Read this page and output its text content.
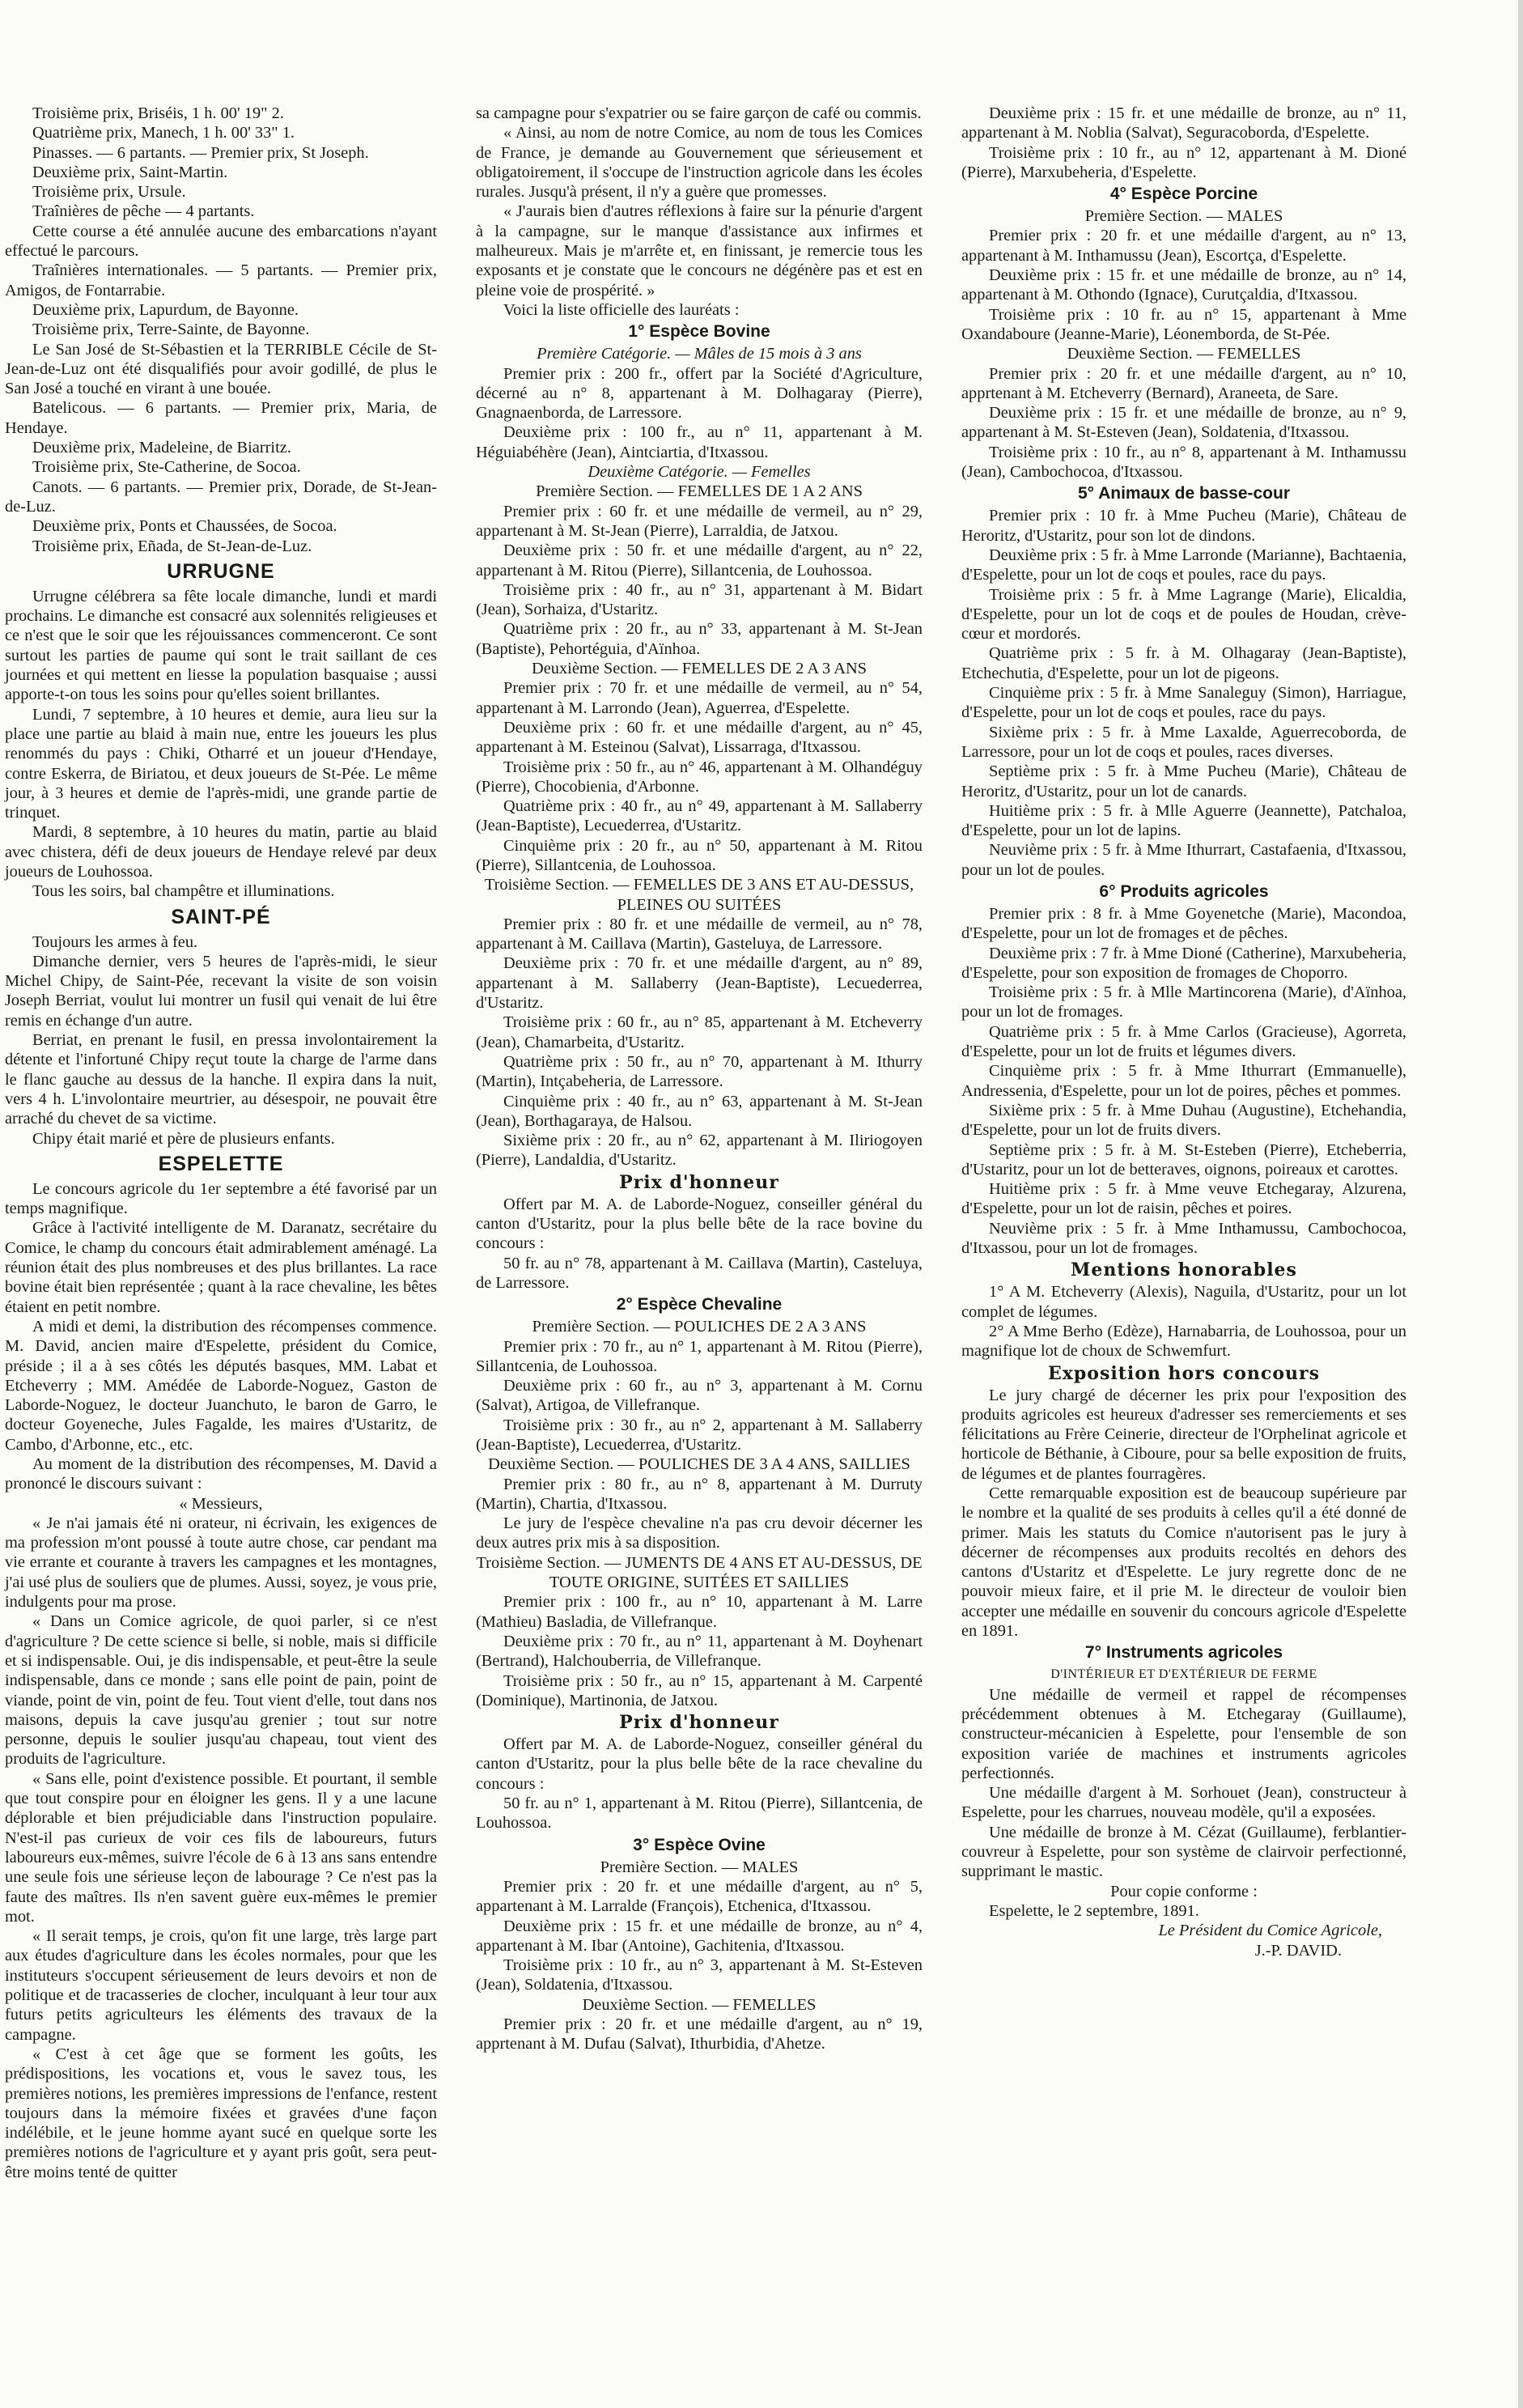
Troisième prix, Briséis, 1 h. 00' 19" 2.

Quatrième prix, Manech, 1 h. 00' 33" 1.

Pinasses. — 6 partants. — Premier prix, St Joseph.

Deuxième prix, Saint-Martin.

Troisième prix, Ursule.

Traînières de pêche — 4 partants.

Cette course a été annulée aucune des embarcations n'ayant effectué le parcours.

Traînières internationales. — 5 partants. — Premier prix, Amigos, de Fontarrabie.

Deuxième prix, Lapurdum, de Bayonne.

Troisième prix, Terre-Sainte, de Bayonne.

Le San José de St-Sébastien et la TERRIBLE Cécile de St-Jean-de-Luz ont été disqualifiés pour avoir godillé, de plus le San José a touché en virant à une bouée.

Batelicous. — 6 partants. — Premier prix, Maria, de Hendaye.

Deuxième prix, Madeleine, de Biarritz.

Troisième prix, Ste-Catherine, de Socoa.

Canots. — 6 partants. — Premier prix, Dorade, de St-Jean-de-Luz.

Deuxième prix, Ponts et Chaussées, de Socoa.

Troisième prix, Eñada, de St-Jean-de-Luz.

URRUGNE

Urrugne célébrera sa fête locale dimanche, lundi et mardi prochains. Le dimanche est consacré aux solennités religieuses et ce n'est que le soir que les réjouissances commenceront. Ce sont surtout les parties de paume qui sont le trait saillant de ces journées et qui mettent en liesse la population basquaise ; aussi apporte-t-on tous les soins pour qu'elles soient brillantes.

Lundi, 7 septembre, à 10 heures et demie, aura lieu sur la place une partie au blaid à main nue, entre les joueurs les plus renommés du pays : Chiki, Otharré et un joueur d'Hendaye, contre Eskerra, de Biriatou, et deux joueurs de St-Pée. Le même jour, à 3 heures et demie de l'après-midi, une grande partie de trinquet.

Mardi, 8 septembre, à 10 heures du matin, partie au blaid avec chistera, défi de deux joueurs de Hendaye relevé par deux joueurs de Louhossoa.

Tous les soirs, bal champêtre et illuminations.

SAINT-PÉ

Toujours les armes à feu.

Dimanche dernier, vers 5 heures de l'après-midi, le sieur Michel Chipy, de Saint-Pée, recevant la visite de son voisin Joseph Berriat, voulut lui montrer un fusil qui venait de lui être remis en échange d'un autre.

Berriat, en prenant le fusil, en pressa involontairement la détente et l'infortuné Chipy reçut toute la charge de l'arme dans le flanc gauche au dessus de la hanche. Il expira dans la nuit, vers 4 h. L'involontaire meurtrier, au désespoir, ne pouvait être arraché du chevet de sa victime.

Chipy était marié et père de plusieurs enfants.

ESPELETTE

Le concours agricole du 1er septembre a été favorisé par un temps magnifique.

Grâce à l'activité intelligente de M. Daranatz, secrétaire du Comice, le champ du concours était admirablement aménagé. La réunion était des plus nombreuses et des plus brillantes. La race bovine était bien représentée ; quant à la race chevaline, les bêtes étaient en petit nombre.

A midi et demi, la distribution des récompenses commence. M. David, ancien maire d'Espelette, président du Comice, préside ; il a à ses côtés les députés basques, MM. Labat et Etcheverry ; MM. Amédée de Laborde-Noguez, Gaston de Laborde-Noguez, le docteur Juanchuto, le baron de Garro, le docteur Goyeneche, Jules Fagalde, les maires d'Ustaritz, de Cambo, d'Arbonne, etc., etc.

Au moment de la distribution des récompenses, M. David a prononcé le discours suivant :

« Messieurs,

« Je n'ai jamais été ni orateur, ni écrivain, les exigences de ma profession m'ont poussé à toute autre chose, car pendant ma vie errante et courante à travers les campagnes et les montagnes, j'ai usé plus de souliers que de plumes. Aussi, soyez, je vous prie, indulgents pour ma prose.

« Dans un Comice agricole, de quoi parler, si ce n'est d'agriculture ? De cette science si belle, si noble, mais si difficile et si indispensable. Oui, je dis indispensable, et peut-être la seule indispensable, dans ce monde ; sans elle point de pain, point de viande, point de vin, point de feu. Tout vient d'elle, tout dans nos maisons, depuis la cave jusqu'au grenier ; tout sur notre personne, depuis le soulier jusqu'au chapeau, tout vient des produits de l'agriculture.

« Sans elle, point d'existence possible. Et pourtant, il semble que tout conspire pour en éloigner les gens. Il y a une lacune déplorable et bien préjudiciable dans l'instruction populaire. N'est-il pas curieux de voir ces fils de laboureurs, futurs laboureurs eux-mêmes, suivre l'école de 6 à 13 ans sans entendre une seule fois une sérieuse leçon de labourage ? Ce n'est pas la faute des maîtres. Ils n'en savent guère eux-mêmes le premier mot.

« Il serait temps, je crois, qu'on fit une large, très large part aux études d'agriculture dans les écoles normales, pour que les instituteurs s'occupent sérieusement de leurs devoirs et non de politique et de tracasseries de clocher, inculquant à leur tour aux futurs petits agriculteurs les éléments des travaux de la campagne.

« C'est à cet âge que se forment les goûts, les prédispositions, les vocations et, vous le savez tous, les premières notions, les premières impressions de l'enfance, restent toujours dans la mémoire fixées et gravées d'une façon indélébile, et le jeune homme ayant sucé en quelque sorte les premières notions de l'agriculture et y ayant pris goût, sera peut-être moins tenté de quitter

sa campagne pour s'expatrier ou se faire garçon de café ou commis.

« Ainsi, au nom de notre Comice, au nom de tous les Comices de France, je demande au Gouvernement que sérieusement et obligatoirement, il s'occupe de l'instruction agricole dans les écoles rurales. Jusqu'à présent, il n'y a guère que promesses.

« J'aurais bien d'autres réflexions à faire sur la pénurie d'argent à la campagne, sur le manque d'assistance aux infirmes et malheureux. Mais je m'arrête et, en finissant, je remercie tous les exposants et je constate que le concours ne dégénère pas et est en pleine voie de prospérité. »

Voici la liste officielle des lauréats :

1° Espèce Bovine

Première Catégorie. — Mâles de 15 mois à 3 ans

Premier prix : 200 fr., offert par la Société d'Agriculture, décerné au n° 8, appartenant à M. Dolhagaray (Pierre), Gnagnaenborda, de Larressore.

Deuxième prix : 100 fr., au n° 11, appartenant à M. Héguiabéhère (Jean), Aintciartia, d'Itxassou.

Deuxième Catégorie. — Femelles

Première Section. — FEMELLES DE 1 A 2 ANS

Premier prix : 60 fr. et une médaille de vermeil, au n° 29, appartenant à M. St-Jean (Pierre), Larraldia, de Jatxou.

Deuxième prix : 50 fr. et une médaille d'argent, au n° 22, appartenant à M. Ritou (Pierre), Sillantcenia, de Louhossoa.

Troisième prix : 40 fr., au n° 31, appartenant à M. Bidart (Jean), Sorhaiza, d'Ustaritz.

Quatrième prix : 20 fr., au n° 33, appartenant à M. St-Jean (Baptiste), Pehortéguia, d'Aïnhoa.

Deuxième Section. — FEMELLES DE 2 A 3 ANS

Premier prix : 70 fr. et une médaille de vermeil, au n° 54, appartenant à M. Larrondo (Jean), Aguerrea, d'Espelette.

Deuxième prix : 60 fr. et une médaille d'argent, au n° 45, appartenant à M. Esteinou (Salvat), Lissarraga, d'Itxassou.

Troisième prix : 50 fr., au n° 46, appartenant à M. Olhandéguy (Pierre), Chocobienia, d'Arbonne.

Quatrième prix : 40 fr., au n° 49, appartenant à M. Sallaberry (Jean-Baptiste), Lecuederrea, d'Ustaritz.

Cinquième prix : 20 fr., au n° 50, appartenant à M. Ritou (Pierre), Sillantcenia, de Louhossoa.

Troisième Section. — FEMELLES DE 3 ANS ET AU-DESSUS, PLEINES OU SUITÉES

Premier prix : 80 fr. et une médaille de vermeil, au n° 78, appartenant à M. Caillava (Martin), Gasteluya, de Larressore.

Deuxième prix : 70 fr. et une médaille d'argent, au n° 89, appartenant à M. Sallaberry (Jean-Baptiste), Lecuederrea, d'Ustaritz.

Troisième prix : 60 fr., au n° 85, appartenant à M. Etcheverry (Jean), Chamarbeita, d'Ustaritz.

Quatrième prix : 50 fr., au n° 70, appartenant à M. Ithurry (Martin), Intçabeheria, de Larressore.

Cinquième prix : 40 fr., au n° 63, appartenant à M. St-Jean (Jean), Borthagaraya, de Halsou.

Sixième prix : 20 fr., au n° 62, appartenant à M. Iliriogoyen (Pierre), Landaldia, d'Ustaritz.

Prix d'honneur

Offert par M. A. de Laborde-Noguez, conseiller général du canton d'Ustaritz, pour la plus belle bête de la race bovine du concours :

50 fr. au n° 78, appartenant à M. Caillava (Martin), Casteluya, de Larressore.

2° Espèce Chevaline

Première Section. — POULICHES DE 2 A 3 ANS

Premier prix : 70 fr., au n° 1, appartenant à M. Ritou (Pierre), Sillantcenia, de Louhossoa.

Deuxième prix : 60 fr., au n° 3, appartenant à M. Cornu (Salvat), Artigoa, de Villefranque.

Troisième prix : 30 fr., au n° 2, appartenant à M. Sallaberry (Jean-Baptiste), Lecuederrea, d'Ustaritz.

Deuxième Section. — POULICHES DE 3 A 4 ANS, SAILLIES

Premier prix : 80 fr., au n° 8, appartenant à M. Durruty (Martin), Chartia, d'Itxassou.

Le jury de l'espèce chevaline n'a pas cru devoir décerner les deux autres prix mis à sa disposition.

Troisième Section. — JUMENTS DE 4 ANS ET AU-DESSUS, DE TOUTE ORIGINE, SUITÉES ET SAILLIES

Premier prix : 100 fr., au n° 10, appartenant à M. Larre (Mathieu) Basladia, de Villefranque.

Deuxième prix : 70 fr., au n° 11, appartenant à M. Doyhenart (Bertrand), Halchouberria, de Villefranque.

Troisième prix : 50 fr., au n° 15, appartenant à M. Carpenté (Dominique), Martinonia, de Jatxou.

Prix d'honneur

Offert par M. A. de Laborde-Noguez, conseiller général du canton d'Ustaritz, pour la plus belle bête de la race chevaline du concours :

50 fr. au n° 1, appartenant à M. Ritou (Pierre), Sillantcenia, de Louhossoa.

3° Espèce Ovine

Première Section. — MALES

Premier prix : 20 fr. et une médaille d'argent, au n° 5, appartenant à M. Larralde (François), Etchenica, d'Itxassou.

Deuxième prix : 15 fr. et une médaille de bronze, au n° 4, appartenant à M. Ibar (Antoine), Gachitenia, d'Itxassou.

Troisième prix : 10 fr., au n° 3, appartenant à M. St-Esteven (Jean), Soldatenia, d'Itxassou.

Deuxième Section. — FEMELLES

Premier prix : 20 fr. et une médaille d'argent, au n° 19, apprtenant à M. Dufau (Salvat), Ithurbidia, d'Ahetze.

Deuxième prix : 15 fr. et une médaille de bronze, au n° 11, appartenant à M. Noblia (Salvat), Seguracoborda, d'Espelette.

Troisième prix : 10 fr., au n° 12, appartenant à M. Dioné (Pierre), Marxubeheria, d'Espelette.

4° Espèce Porcine

Première Section. — MALES

Premier prix : 20 fr. et une médaille d'argent, au n° 13, appartenant à M. Inthamussu (Jean), Escortça, d'Espelette.

Deuxième prix : 15 fr. et une médaille de bronze, au n° 14, appartenant à M. Othondo (Ignace), Curutçaldia, d'Itxassou.

Troisième prix : 10 fr. au n° 15, appartenant à Mme Oxandaboure (Jeanne-Marie), Léonemborda, de St-Pée.

Deuxième Section. — FEMELLES

Premier prix : 20 fr. et une médaille d'argent, au n° 10, apprtenant à M. Etcheverry (Bernard), Araneeta, de Sare.

Deuxième prix : 15 fr. et une médaille de bronze, au n° 9, appartenant à M. St-Esteven (Jean), Soldatenia, d'Itxassou.

Troisième prix : 10 fr., au n° 8, appartenant à M. Inthamussu (Jean), Cambochocoa, d'Itxassou.

5° Animaux de basse-cour

Premier prix : 10 fr. à Mme Pucheu (Marie), Château de Heroritz, d'Ustaritz, pour son lot de dindons.

Deuxième prix : 5 fr. à Mme Larronde (Marianne), Bachtaenia, d'Espelette, pour un lot de coqs et poules, race du pays.

Troisième prix : 5 fr. à Mme Lagrange (Marie), Elicaldia, d'Espelette, pour un lot de coqs et de poules de Houdan, crève-cœur et mordorés.

Quatrième prix : 5 fr. à M. Olhagaray (Jean-Baptiste), Etchechutia, d'Espelette, pour un lot de pigeons.

Cinquième prix : 5 fr. à Mme Sanaleguy (Simon), Harriague, d'Espelette, pour un lot de coqs et poules, race du pays.

Sixième prix : 5 fr. à Mme Laxalde, Aguerrecoborda, de Larressore, pour un lot de coqs et poules, races diverses.

Septième prix : 5 fr. à Mme Pucheu (Marie), Château de Heroritz, d'Ustaritz, pour un lot de canards.

Huitième prix : 5 fr. à Mlle Aguerre (Jeannette), Patchaloa, d'Espelette, pour un lot de lapins.

Neuvième prix : 5 fr. à Mme Ithurrart, Castafaenia, d'Itxassou, pour un lot de poules.

6° Produits agricoles

Premier prix : 8 fr. à Mme Goyenetche (Marie), Macondoa, d'Espelette, pour un lot de fromages et de pêches.

Deuxième prix : 7 fr. à Mme Dioné (Catherine), Marxubeheria, d'Espelette, pour son exposition de fromages de Choporro.

Troisième prix : 5 fr. à Mlle Martincorena (Marie), d'Aïnhoa, pour un lot de fromages.

Quatrième prix : 5 fr. à Mme Carlos (Gracieuse), Agorreta, d'Espelette, pour un lot de fruits et légumes divers.

Cinquième prix : 5 fr. à Mme Ithurrart (Emmanuelle), Andressenia, d'Espelette, pour un lot de poires, pêches et pommes.

Sixième prix : 5 fr. à Mme Duhau (Augustine), Etchehandia, d'Espelette, pour un lot de fruits divers.

Septième prix : 5 fr. à M. St-Esteben (Pierre), Etcheberria, d'Ustaritz, pour un lot de betteraves, oignons, poireaux et carottes.

Huitième prix : 5 fr. à Mme veuve Etchegaray, Alzurena, d'Espelette, pour un lot de raisin, pêches et poires.

Neuvième prix : 5 fr. à Mme Inthamussu, Cambochocoa, d'Itxassou, pour un lot de fromages.

Mentions honorables

1° A M. Etcheverry (Alexis), Naguila, d'Ustaritz, pour un lot complet de légumes.

2° A Mme Berho (Edèze), Harnabarria, de Louhossoa, pour un magnifique lot de choux de Schwemfurt.

Exposition hors concours

Le jury chargé de décerner les prix pour l'exposition des produits agricoles est heureux d'adresser ses remerciements et ses félicitations au Frère Ceinerie, directeur de l'Orphelinat agricole et horticole de Béthanie, à Ciboure, pour sa belle exposition de fruits, de légumes et de plantes fourragères.

Cette remarquable exposition est de beaucoup supérieure par le nombre et la qualité de ses produits à celles qu'il a été donné de primer. Mais les statuts du Comice n'autorisent pas le jury à décerner de récompenses aux produits recoltés en dehors des cantons d'Ustaritz et d'Espelette. Le jury regrette donc de ne pouvoir mieux faire, et il prie M. le directeur de vouloir bien accepter une médaille en souvenir du concours agricole d'Espelette en 1891.

7° Instruments agricoles

D'INTÉRIEUR ET D'EXTÉRIEUR DE FERME

Une médaille de vermeil et rappel de récompenses précédemment obtenues à M. Etchegaray (Guillaume), constructeur-mécanicien à Espelette, pour l'ensemble de son exposition variée de machines et instruments agricoles perfectionnés.

Une médaille d'argent à M. Sorhouet (Jean), constructeur à Espelette, pour les charrues, nouveau modèle, qu'il a exposées.

Une médaille de bronze à M. Cézat (Guillaume), ferblantier-couvreur à Espelette, pour son système de clairvoir perfectionné, supprimant le mastic.

Pour copie conforme :

Espelette, le 2 septembre, 1891.

Le Président du Comice Agricole,

J.-P. DAVID.
